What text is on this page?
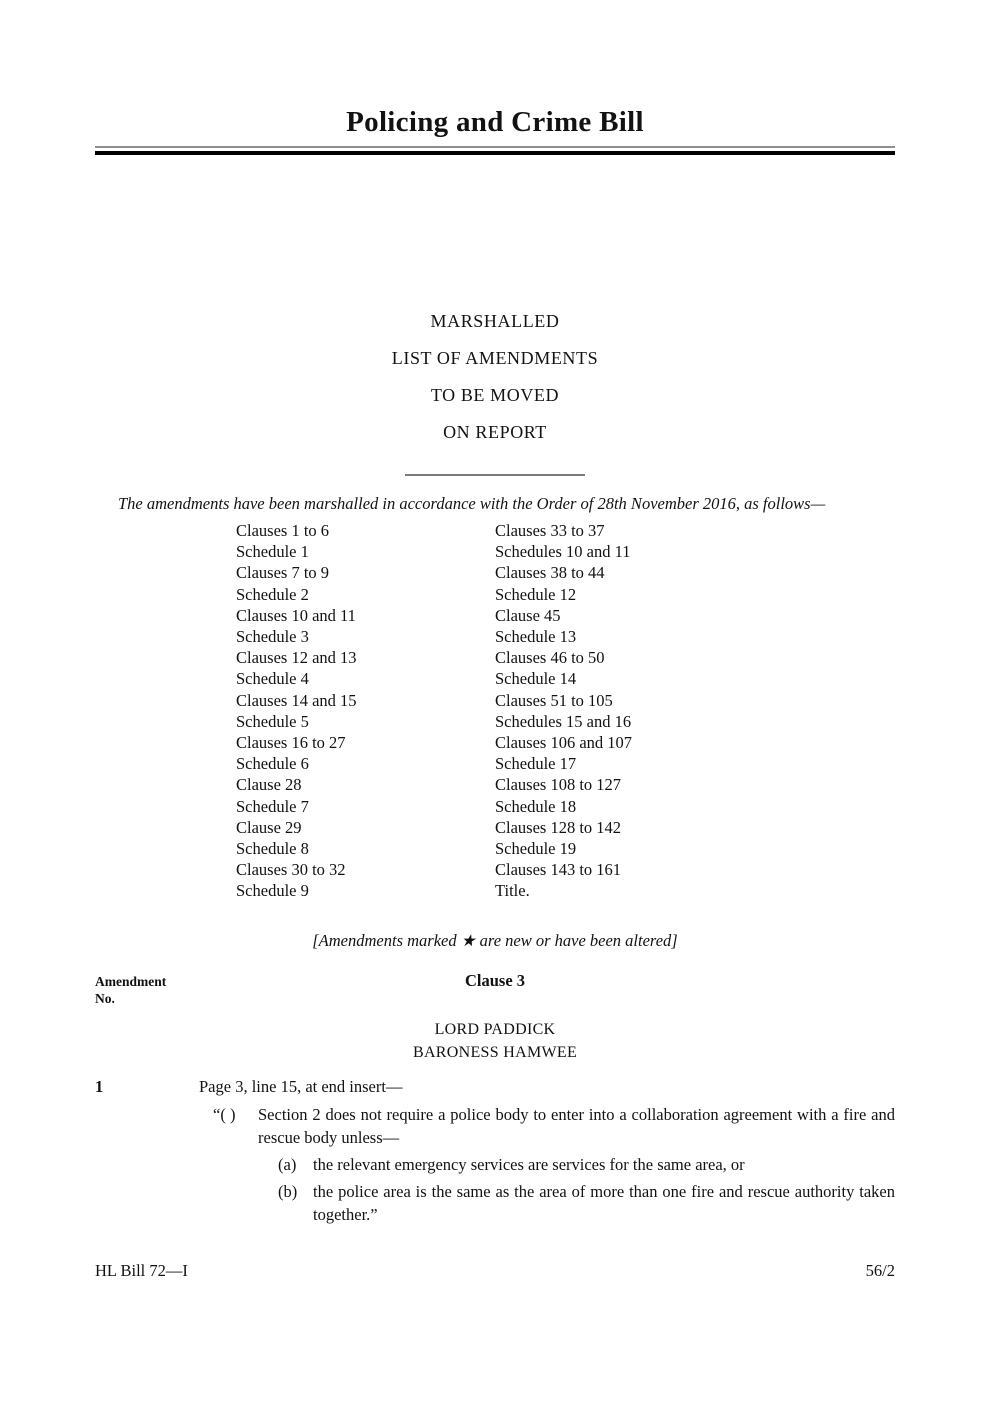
Policing and Crime Bill
MARSHALLED
LIST OF AMENDMENTS
TO BE MOVED
ON REPORT
The amendments have been marshalled in accordance with the Order of 28th November 2016, as follows—
Clauses 1 to 6
Schedule 1
Clauses 7 to 9
Schedule 2
Clauses 10 and 11
Schedule 3
Clauses 12 and 13
Schedule 4
Clauses 14 and 15
Schedule 5
Clauses 16 to 27
Schedule 6
Clause 28
Schedule 7
Clause 29
Schedule 8
Clauses 30 to 32
Schedule 9
Clauses 33 to 37
Schedules 10 and 11
Clauses 38 to 44
Schedule 12
Clause 45
Schedule 13
Clauses 46 to 50
Schedule 14
Clauses 51 to 105
Schedules 15 and 16
Clauses 106 and 107
Schedule 17
Clauses 108 to 127
Schedule 18
Clauses 128 to 142
Schedule 19
Clauses 143 to 161
Title.
[Amendments marked ★ are new or have been altered]
Amendment No.
Clause 3
LORD PADDICK
BARONESS HAMWEE
1	Page 3, line 15, at end insert—
“( )	Section 2 does not require a police body to enter into a collaboration agreement with a fire and rescue body unless—
(a)	the relevant emergency services are services for the same area, or
(b) the police area is the same as the area of more than one fire and rescue authority taken together.”
HL Bill 72—I	56/2
